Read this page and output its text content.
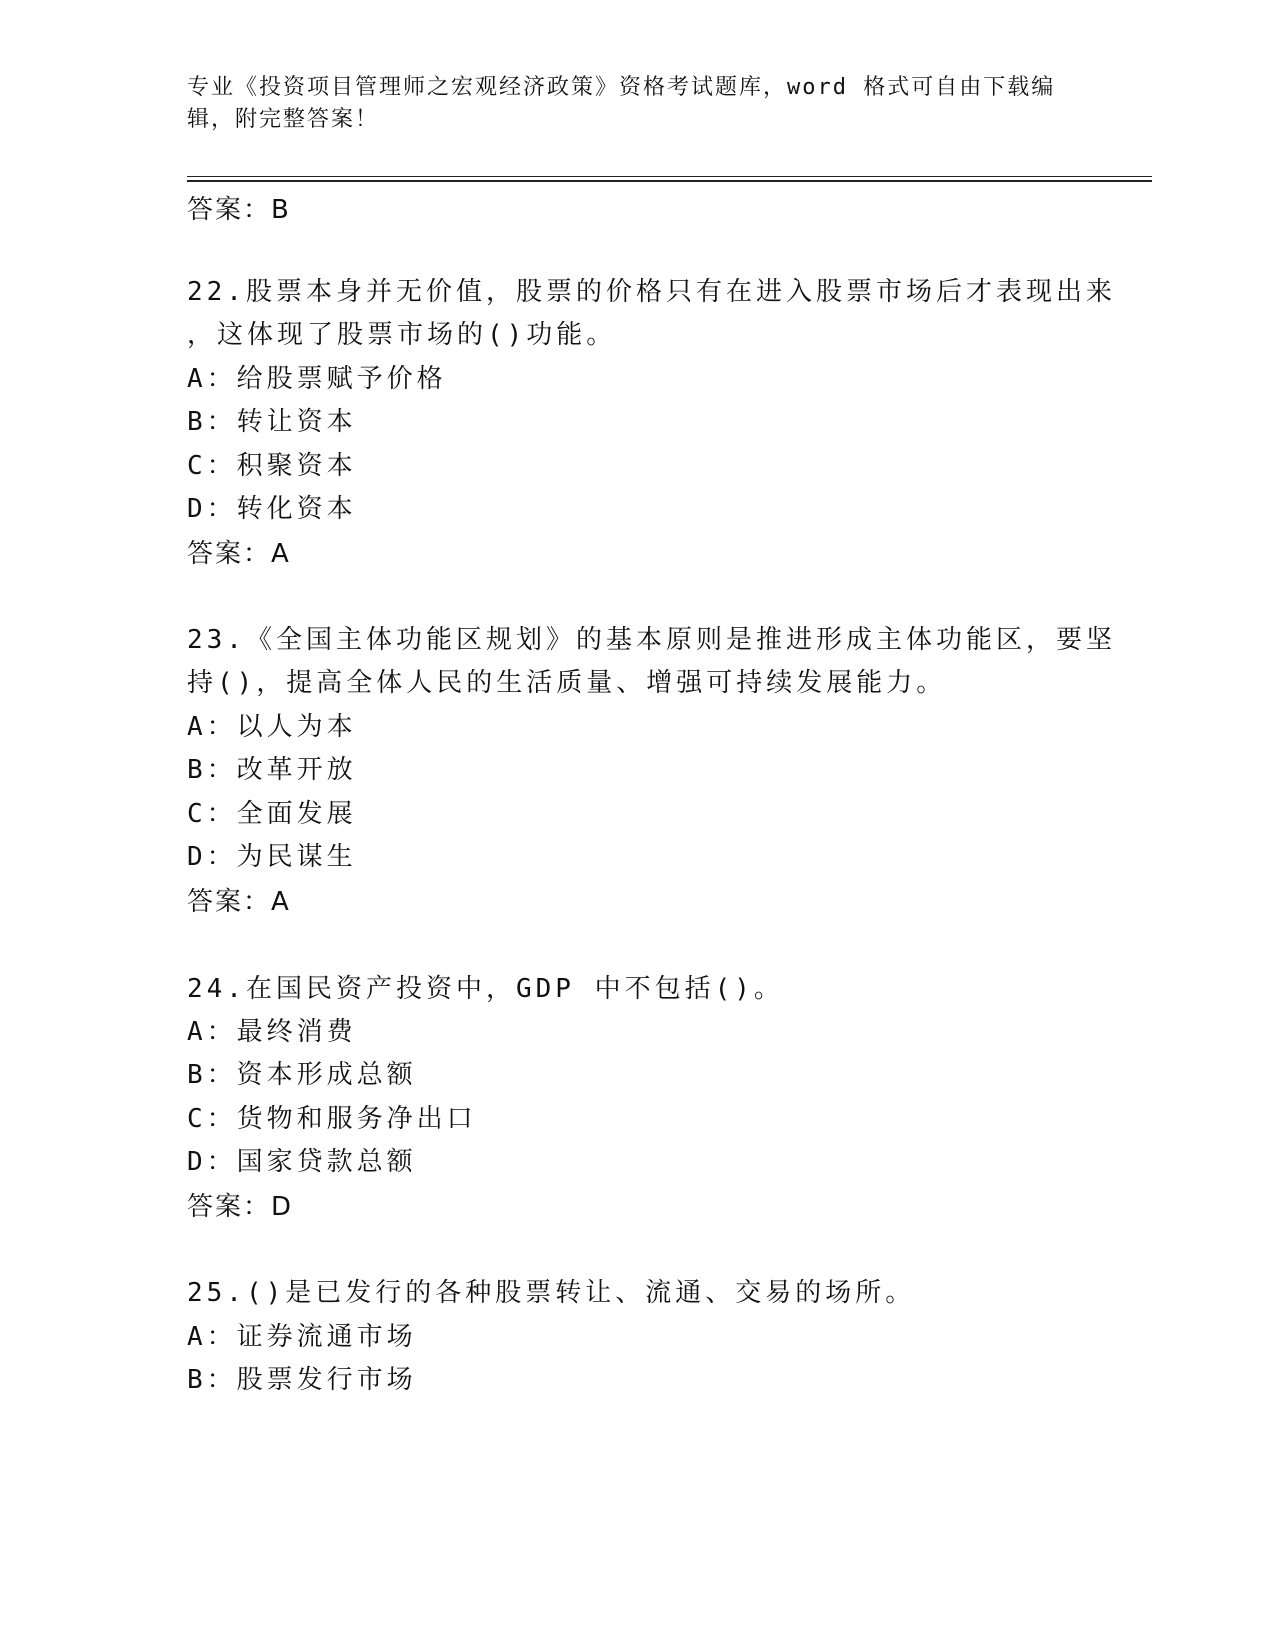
专业《投资项目管理师之宏观经济政策》资格考试题库，word 格式可自由下载编辑，附完整答案！
答案：B
22.股票本身并无价值，股票的价格只有在进入股票市场后才表现出来
，这体现了股票市场的()功能。
A：给股票赋予价格
B：转让资本
C：积聚资本
D：转化资本
答案：A
23.《全国主体功能区规划》的基本原则是推进形成主体功能区，要坚
持()，提高全体人民的生活质量、增强可持续发展能力。
A：以人为本
B：改革开放
C：全面发展
D：为民谋生
答案：A
24.在国民资产投资中，GDP 中不包括()。
A：最终消费
B：资本形成总额
C：货物和服务净出口
D：国家贷款总额
答案：D
25.()是已发行的各种股票转让、流通、交易的场所。
A：证券流通市场
B：股票发行市场
